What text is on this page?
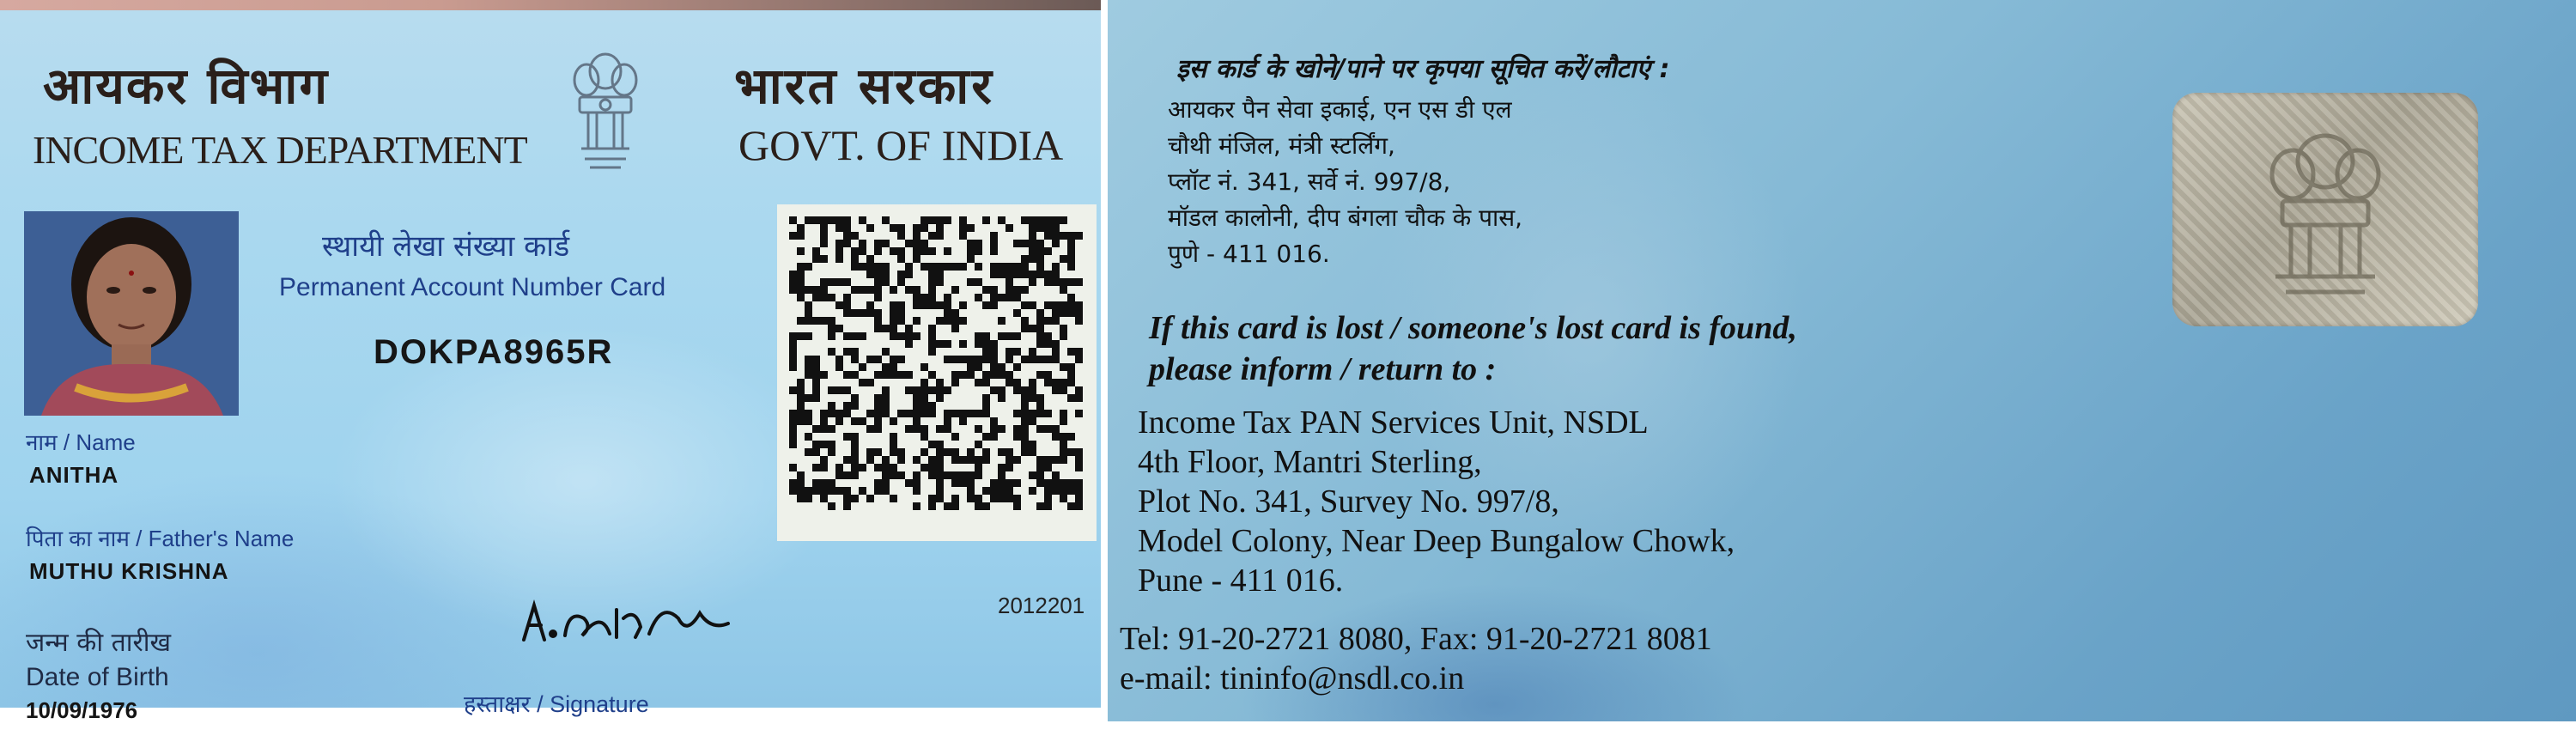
आयकर विभाग
INCOME TAX DEPARTMENT
भारत सरकार
GOVT. OF INDIA
स्थायी लेखा संख्या कार्ड
Permanent Account Number Card
DOKPA8965R
नाम / Name
ANITHA
पिता का नाम / Father's Name
MUTHU KRISHNA
जन्म की तारीख
Date of Birth
10/09/1976	हस्ताक्षर / Signature
2012201
इस कार्ड के खोने/पाने पर कृपया सूचित करें/लौटाएं :
आयकर पैन सेवा इकाई, एन एस डी एल
चौथी मंजिल, मंत्री स्टर्लिंग,
प्लॉट नं. 341, सर्वे नं. 997/8,
मॉडल कालोनी, दीप बंगला चौक के पास,
पुणे - 411 016.
If this card is lost / someone's lost card is found,
please inform / return to :
Income Tax PAN Services Unit, NSDL
4th Floor, Mantri Sterling,
Plot No. 341, Survey No. 997/8,
Model Colony, Near Deep Bungalow Chowk,
Pune - 411 016.
Tel: 91-20-2721 8080, Fax: 91-20-2721 8081
e-mail: tininfo@nsdl.co.in
